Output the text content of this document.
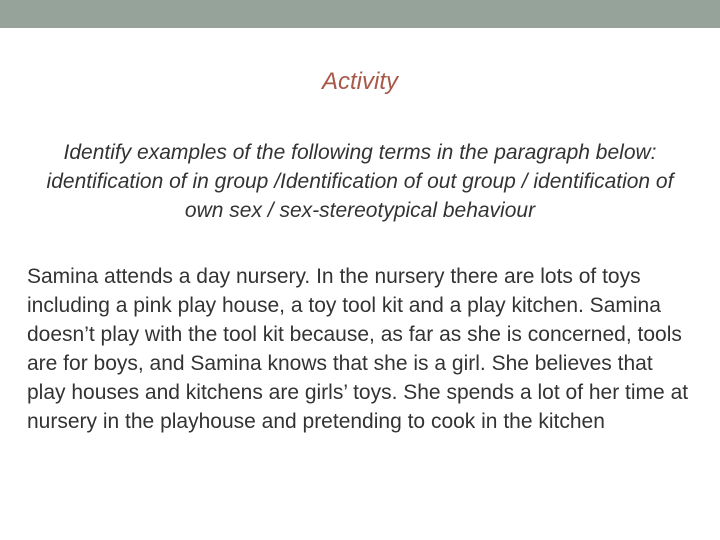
Activity
Identify examples of the following terms in the paragraph below: identification of in group /Identification of out group / identification of own sex / sex-stereotypical behaviour
Samina attends a day nursery. In the nursery there are lots of toys including a pink play house, a toy tool kit and a play kitchen. Samina doesn’t play with the tool kit because, as far as she is concerned, tools are for boys, and Samina knows that she is a girl. She believes that play houses and kitchens are girls’ toys. She spends a lot of her time at nursery in the playhouse and pretending to cook in the kitchen
